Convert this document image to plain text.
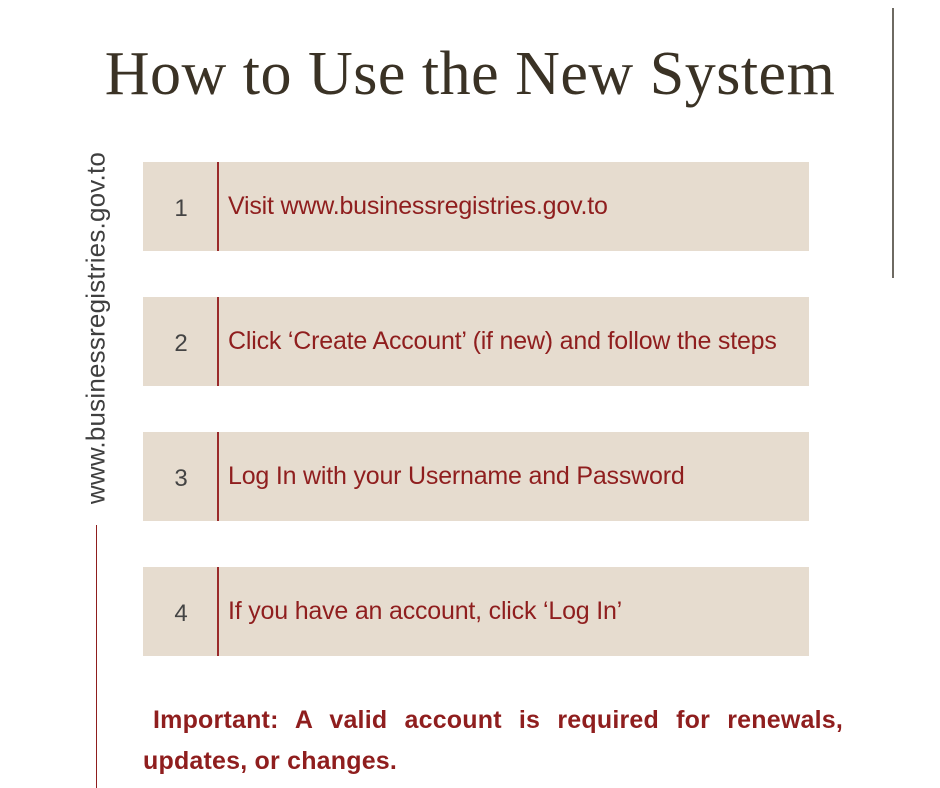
How to Use the New System
www.businessregistries.gov.to	1	Visit www.businessregistries.gov.to
2	Click ‘Create Account’ (if new) and follow the steps
3	Log In with your Username and Password
4	If you have an account, click ‘Log In’
Important: A valid account is required for renewals, updates, or changes.
